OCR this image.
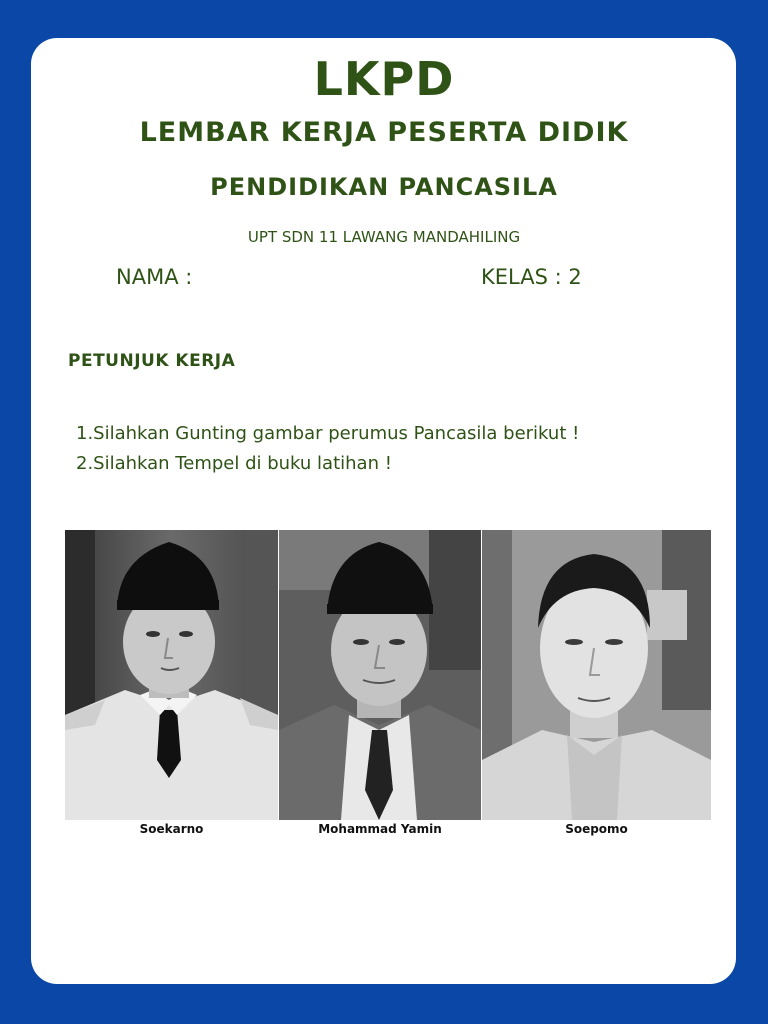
LKPD
LEMBAR KERJA PESERTA DIDIK
PENDIDIKAN PANCASILA
UPT SDN 11 LAWANG MANDAHILING
NAMA :	KELAS : 2
PETUNJUK KERJA
1.Silahkan Gunting gambar perumus Pancasila berikut !
2.Silahkan Tempel di buku latihan !
Soekarno	Mohammad Yamin	Soepomo
